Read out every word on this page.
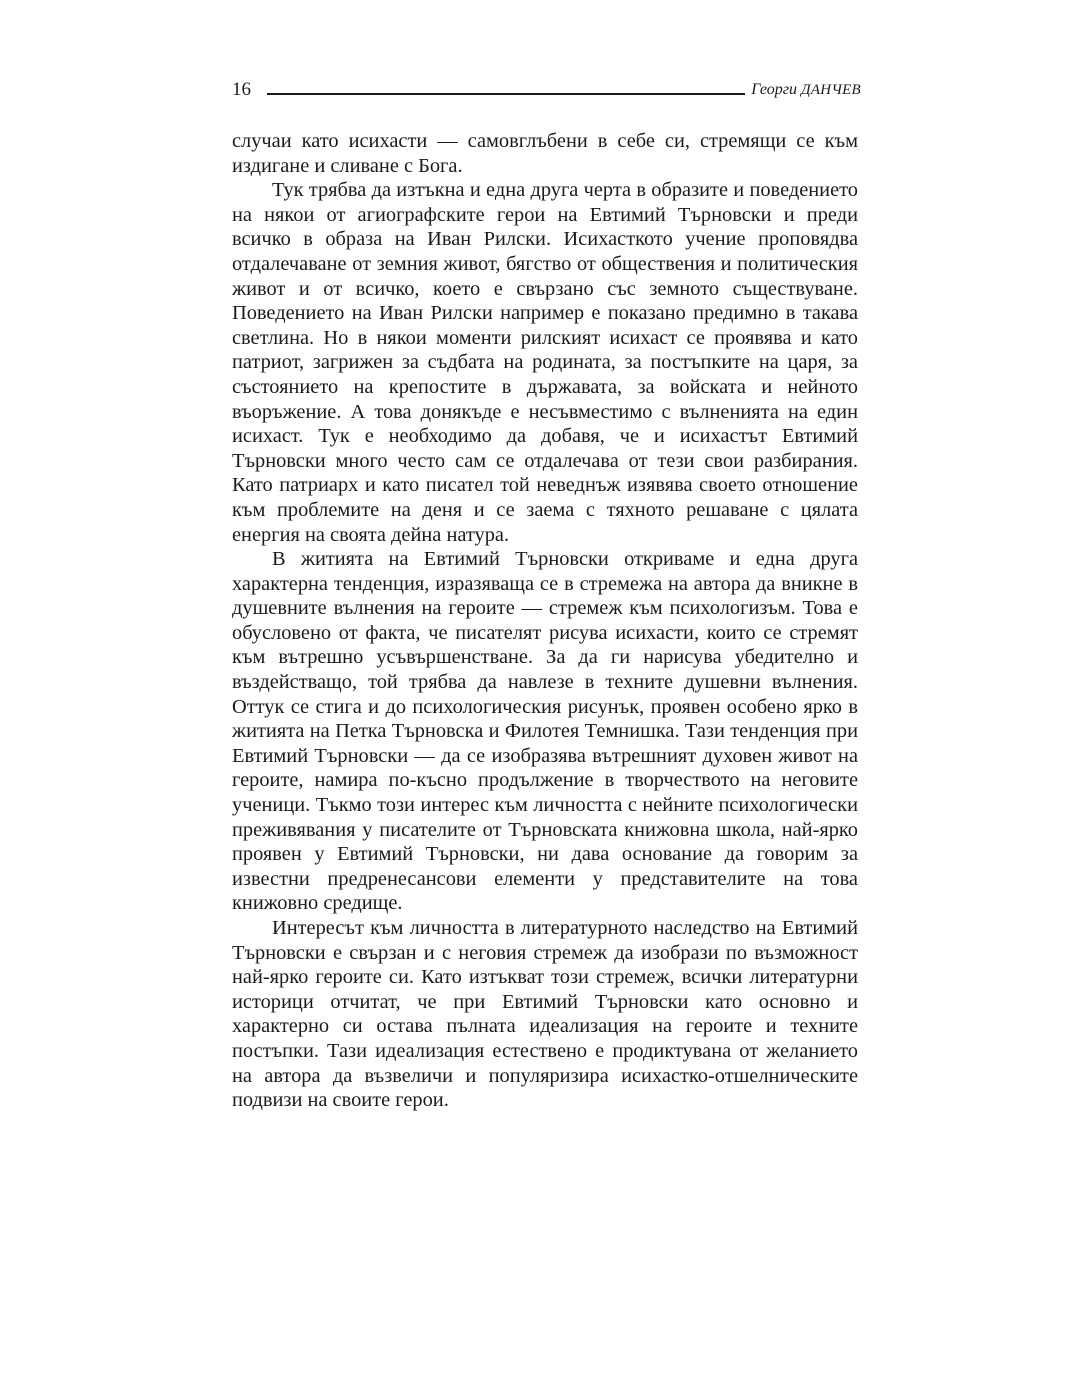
16	Георги ДАНЧЕВ

случаи като исихасти — самовглъбени в себе си, стремящи се към издигане и сливане с Бога.

Тук трябва да изтъкна и една друга черта в образите и поведението на някои от агиографските герои на Евтимий Търновски и преди всичко в образа на Иван Рилски. Исихасткото учение проповядва отдалечаване от земния живот, бягство от обществения и политическия живот и от всичко, което е свързано със земното съществуване. Поведението на Иван Рилски например е показано предимно в такава светлина. Но в някои моменти рилският исихаст се проявява и като патриот, загрижен за съдбата на родината, за постъпките на царя, за състоянието на крепостите в държавата, за войската и нейното въоръжение. А това донякъде е несъвместимо с вълненията на един исихаст. Тук е необходимо да добавя, че и исихастът Евтимий Търновски много често сам се отдалечава от тези свои разбирания. Като патриарх и като писател той неведнъж изявява своето отношение към проблемите на деня и се заема с тяхното решаване с цялата енергия на своята дейна натура.

В житията на Евтимий Търновски откриваме и една друга характерна тенденция, изразяваща се в стремежа на автора да вникне в душевните вълнения на героите — стремеж към психологизъм. Това е обусловено от факта, че писателят рисува исихасти, които се стремят към вътрешно усъвършенстване. За да ги нарисува убедително и въздействащо, той трябва да навлезе в техните душевни вълнения. Оттук се стига и до психологическия рисунък, проявен особено ярко в житията на Петка Търновска и Филотея Темнишка. Тази тенденция при Евтимий Търновски — да се изобразява вътрешният духовен живот на героите, намира по-късно продължение в творчеството на неговите ученици. Тъкмо този интерес към личността с нейните психологически преживявания у писателите от Търновската книжовна школа, най-ярко проявен у Евтимий Търновски, ни дава основание да говорим за известни предренесансови елементи у представителите на това книжовно средище.

Интересът към личността в литературното наследство на Евтимий Търновски е свързан и с неговия стремеж да изобрази по възможност най-ярко героите си. Като изтъкват този стремеж, всички литературни историци отчитат, че при Евтимий Търновски като основно и характерно си остава пълната идеализация на героите и техните постъпки. Тази идеализация естествено е продиктувана от желанието на автора да възвеличи и популяризира исихастко-отшелническите подвизи на своите герои.
